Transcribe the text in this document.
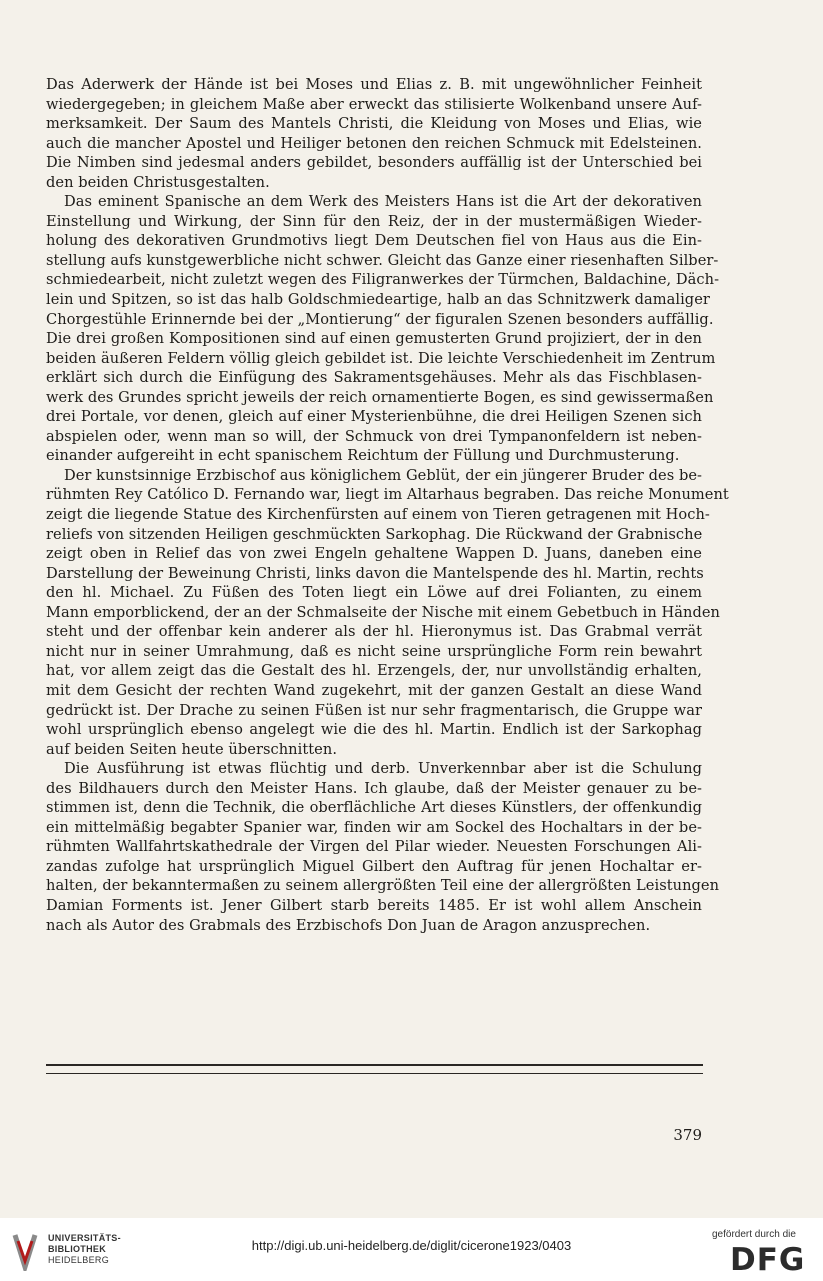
Das Aderwerk der Hände ist bei Moses und Elias z. B. mit ungewöhnlicher Feinheit
wiedergegeben; in gleichem Maße aber erweckt das stilisierte Wolkenband unsere Auf-
merksamkeit. Der Saum des Mantels Christi, die Kleidung von Moses und Elias, wie
auch die mancher Apostel und Heiliger betonen den reichen Schmuck mit Edelsteinen.
Die Nimben sind jedesmal anders gebildet, besonders auffällig ist der Unterschied bei
den beiden Christusgestalten.
Das eminent Spanische an dem Werk des Meisters Hans ist die Art der dekorativen
Einstellung und Wirkung, der Sinn für den Reiz, der in der mustermäßigen Wieder-
holung des dekorativen Grundmotivs liegt Dem Deutschen fiel von Haus aus die Ein-
stellung aufs kunstgewerbliche nicht schwer. Gleicht das Ganze einer riesenhaften Silber-
schmiedearbeit, nicht zuletzt wegen des Filigranwerkes der Türmchen, Baldachine, Däch-
lein und Spitzen, so ist das halb Goldschmiedeartige, halb an das Schnitzwerk damaliger
Chorgestühle Erinnernde bei der „Montierung“ der figuralen Szenen besonders auffällig.
Die drei großen Kompositionen sind auf einen gemusterten Grund projiziert, der in den
beiden äußeren Feldern völlig gleich gebildet ist. Die leichte Verschiedenheit im Zentrum
erklärt sich durch die Einfügung des Sakramentsgehäuses. Mehr als das Fischblasen-
werk des Grundes spricht jeweils der reich ornamentierte Bogen, es sind gewissermaßen
drei Portale, vor denen, gleich auf einer Mysterienbühne, die drei Heiligen Szenen sich
abspielen oder, wenn man so will, der Schmuck von drei Tympanonfeldern ist neben-
einander aufgereiht in echt spanischem Reichtum der Füllung und Durchmusterung.
Der kunstsinnige Erzbischof aus königlichem Geblüt, der ein jüngerer Bruder des be-
rühmten Rey Católico D. Fernando war, liegt im Altarhaus begraben. Das reiche Monument
zeigt die liegende Statue des Kirchenfürsten auf einem von Tieren getragenen mit Hoch-
reliefs von sitzenden Heiligen geschmückten Sarkophag. Die Rückwand der Grabnische
zeigt oben in Relief das von zwei Engeln gehaltene Wappen D. Juans, daneben eine
Darstellung der Beweinung Christi, links davon die Mantelspende des hl. Martin, rechts
den hl. Michael. Zu Füßen des Toten liegt ein Löwe auf drei Folianten, zu einem
Mann emporblickend, der an der Schmalseite der Nische mit einem Gebetbuch in Händen
steht und der offenbar kein anderer als der hl. Hieronymus ist. Das Grabmal verrät
nicht nur in seiner Umrahmung, daß es nicht seine ursprüngliche Form rein bewahrt
hat, vor allem zeigt das die Gestalt des hl. Erzengels, der, nur unvollständig erhalten,
mit dem Gesicht der rechten Wand zugekehrt, mit der ganzen Gestalt an diese Wand
gedrückt ist. Der Drache zu seinen Füßen ist nur sehr fragmentarisch, die Gruppe war
wohl ursprünglich ebenso angelegt wie die des hl. Martin. Endlich ist der Sarkophag
auf beiden Seiten heute überschnitten.
Die Ausführung ist etwas flüchtig und derb. Unverkennbar aber ist die Schulung
des Bildhauers durch den Meister Hans. Ich glaube, daß der Meister genauer zu be-
stimmen ist, denn die Technik, die oberflächliche Art dieses Künstlers, der offenkundig
ein mittelmäßig begabter Spanier war, finden wir am Sockel des Hochaltars in der be-
rühmten Wallfahrtskathedrale der Virgen del Pilar wieder. Neuesten Forschungen Ali-
zandas zufolge hat ursprünglich Miguel Gilbert den Auftrag für jenen Hochaltar er-
halten, der bekanntermaßen zu seinem allergrößten Teil eine der allergrößten Leistungen
Damian Forments ist. Jener Gilbert starb bereits 1485. Er ist wohl allem Anschein
nach als Autor des Grabmals des Erzbischofs Don Juan de Aragon anzusprechen.
379
UNIVERSITÄTS-
BIBLIOTHEK
HEIDELBERG
http://digi.ub.uni-heidelberg.de/diglit/cicerone1923/0403
gefördert durch die
DFG
